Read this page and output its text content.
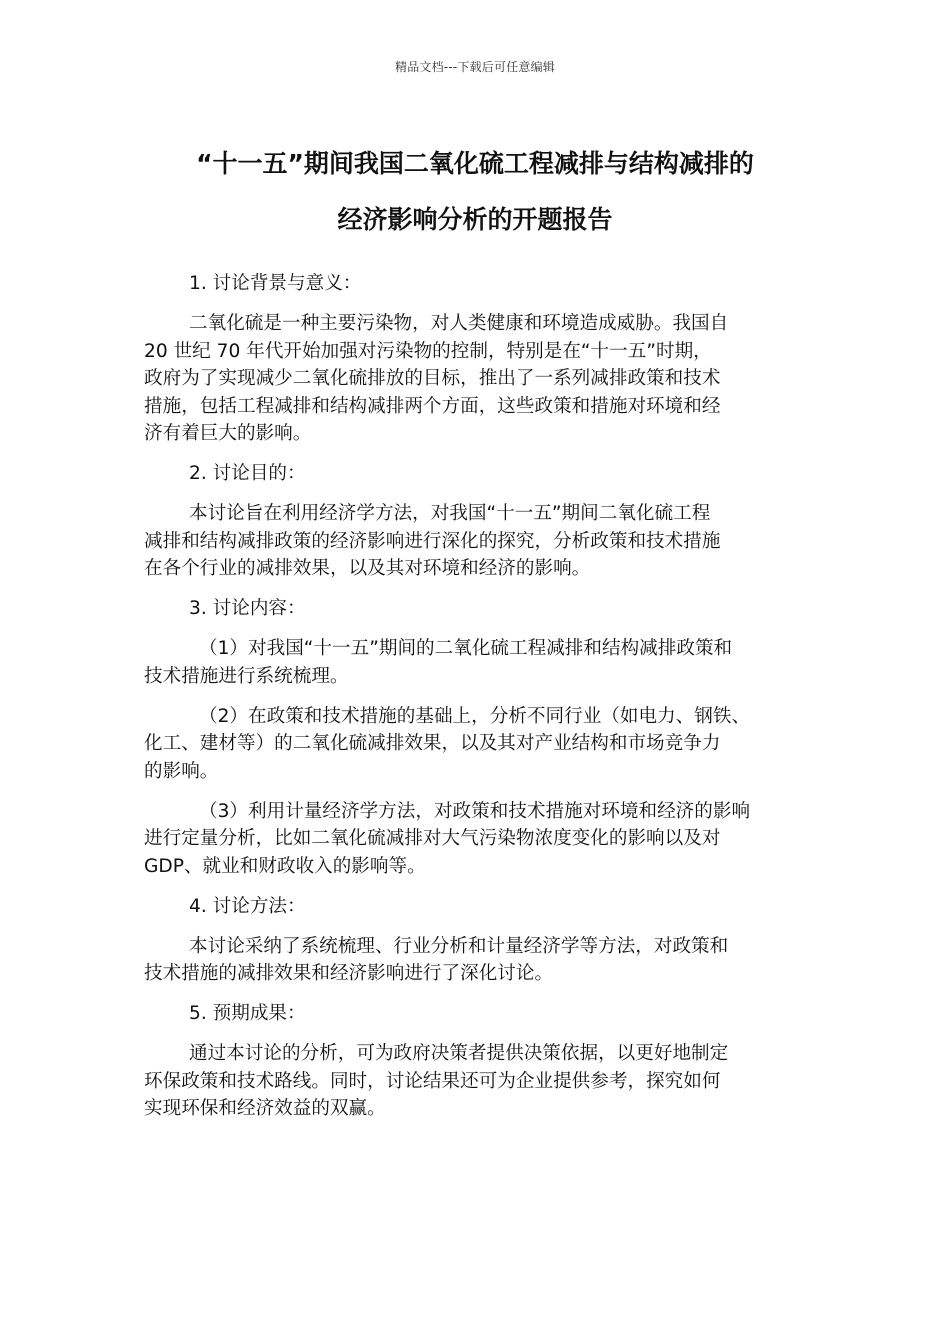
精品文档---下载后可任意编辑
“十一五”期间我国二氧化硫工程减排与结构减排的
经济影响分析的开题报告

1. 讨论背景与意义：

二氧化硫是一种主要污染物，对人类健康和环境造成威胁。我国自
20 世纪 70 年代开始加强对污染物的控制，特别是在“十一五”时期，
政府为了实现减少二氧化硫排放的目标，推出了一系列减排政策和技术
措施，包括工程减排和结构减排两个方面，这些政策和措施对环境和经
济有着巨大的影响。

2. 讨论目的：

本讨论旨在利用经济学方法，对我国“十一五”期间二氧化硫工程
减排和结构减排政策的经济影响进行深化的探究，分析政策和技术措施
在各个行业的减排效果，以及其对环境和经济的影响。

3. 讨论内容：

（1）对我国“十一五”期间的二氧化硫工程减排和结构减排政策和
技术措施进行系统梳理。

（2）在政策和技术措施的基础上，分析不同行业（如电力、钢铁、
化工、建材等）的二氧化硫减排效果，以及其对产业结构和市场竞争力
的影响。

（3）利用计量经济学方法，对政策和技术措施对环境和经济的影响
进行定量分析，比如二氧化硫减排对大气污染物浓度变化的影响以及对
GDP、就业和财政收入的影响等。

4. 讨论方法：

本讨论采纳了系统梳理、行业分析和计量经济学等方法，对政策和
技术措施的减排效果和经济影响进行了深化讨论。

5. 预期成果：

通过本讨论的分析，可为政府决策者提供决策依据，以更好地制定
环保政策和技术路线。同时，讨论结果还可为企业提供参考，探究如何
实现环保和经济效益的双赢。
